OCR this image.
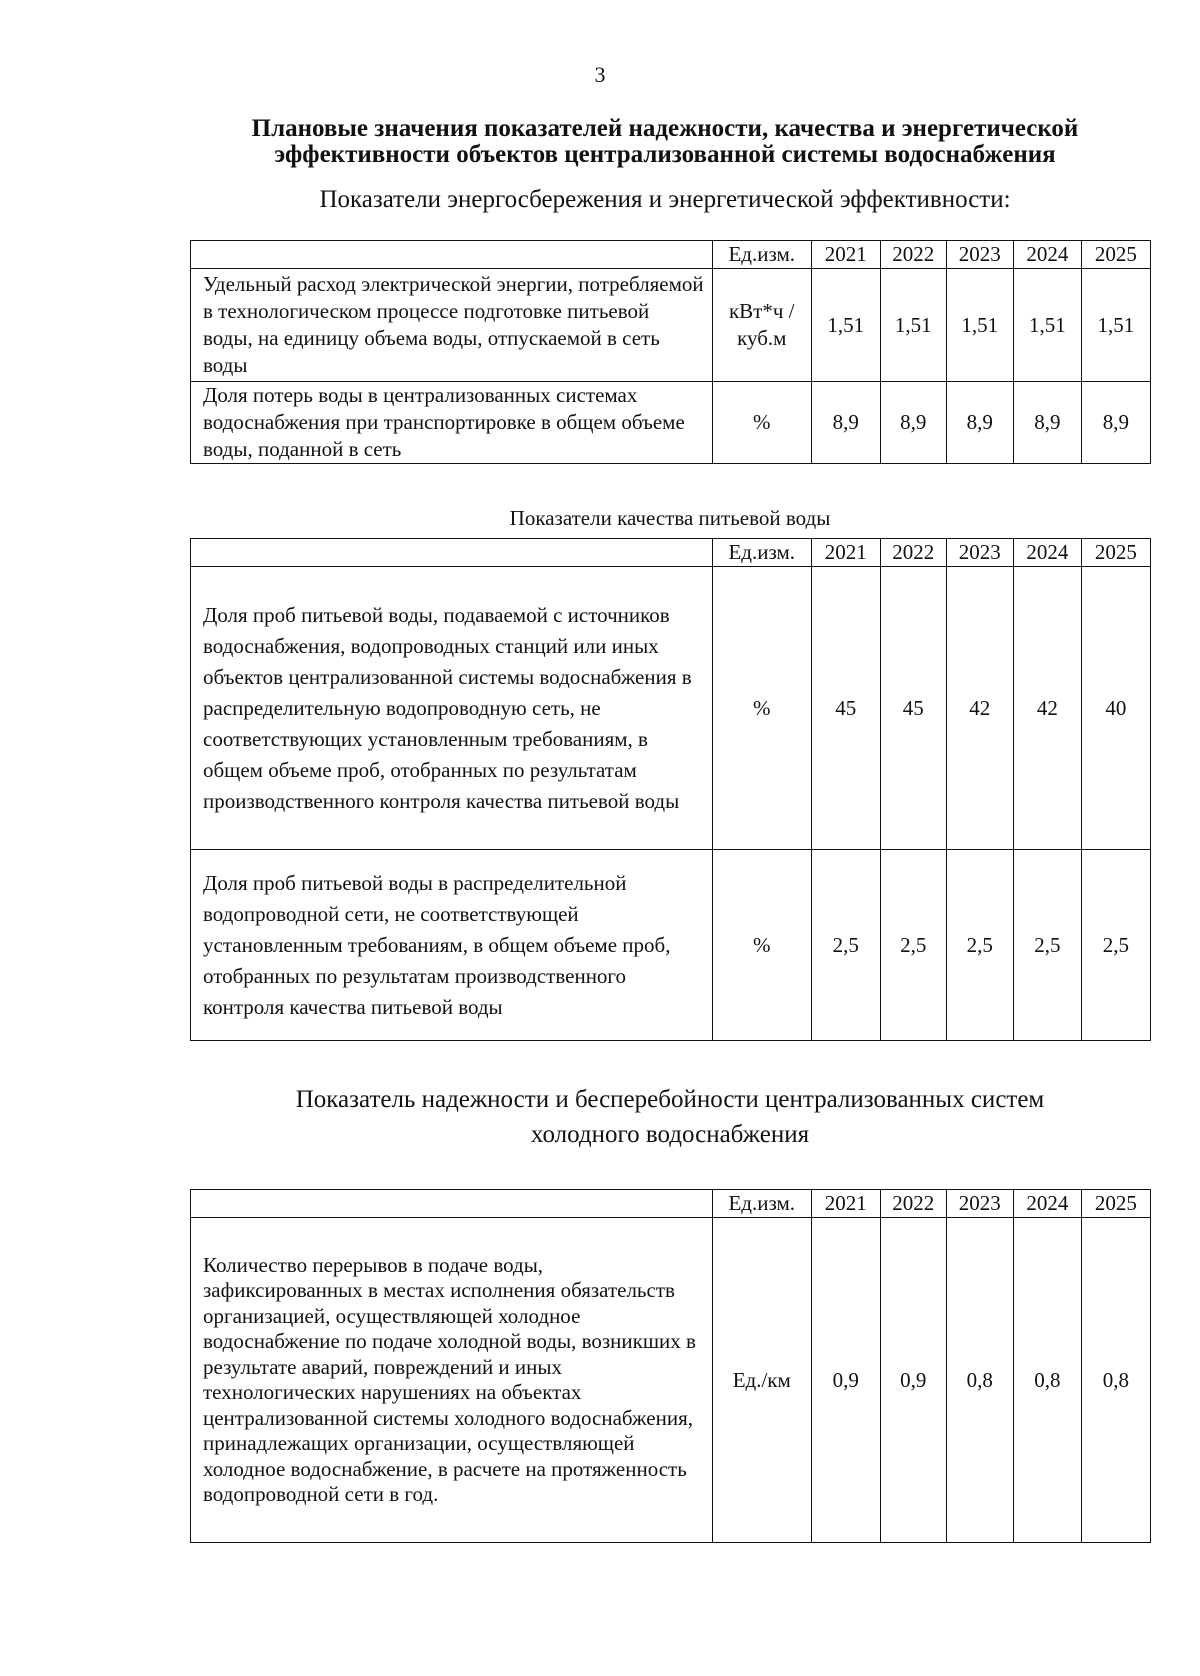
3
Плановые значения показателей надежности, качества и энергетической
эффективности объектов централизованной системы водоснабжения
Показатели энергосбережения и энергетической эффективности:
	Ед.изм.	2021	2022	2023	2024	2025
Удельный расход электрической энергии, потребляемой в технологическом процессе подготовке питьевой воды, на единицу объема воды, отпускаемой в сеть воды	кВт*ч /куб.м	1,51	1,51	1,51	1,51	1,51
Доля потерь воды в централизованных системах водоснабжения при транспортировке в общем объеме воды, поданной в сеть	%	8,9	8,9	8,9	8,9	8,9
Показатели качества питьевой воды
	Ед.изм.	2021	2022	2023	2024	2025
Доля проб питьевой воды, подаваемой с источников водоснабжения, водопроводных станций или иных объектов централизованной системы водоснабжения в распределительную водопроводную сеть, не соответствующих установленным требованиям, в общем объеме проб, отобранных по результатам производственного контроля качества питьевой воды	%	45	45	42	42	40
Доля проб питьевой воды в распределительной водопроводной сети, не соответствующей установленным требованиям, в общем объеме проб, отобранных по результатам производственного контроля качества питьевой воды	%	2,5	2,5	2,5	2,5	2,5
Показатель надежности и бесперебойности централизованных систем
холодного водоснабжения
	Ед.изм.	2021	2022	2023	2024	2025
Количество перерывов в подаче воды, зафиксированных в местах исполнения обязательств организацией, осуществляющей холодное водоснабжение по подаче холодной воды, возникших в результате аварий, повреждений и иных технологических нарушениях на объектах централизованной системы холодного водоснабжения, принадлежащих организации, осуществляющей холодное водоснабжение, в расчете на протяженность водопроводной сети в год.	Ед./км	0,9	0,9	0,8	0,8	0,8
